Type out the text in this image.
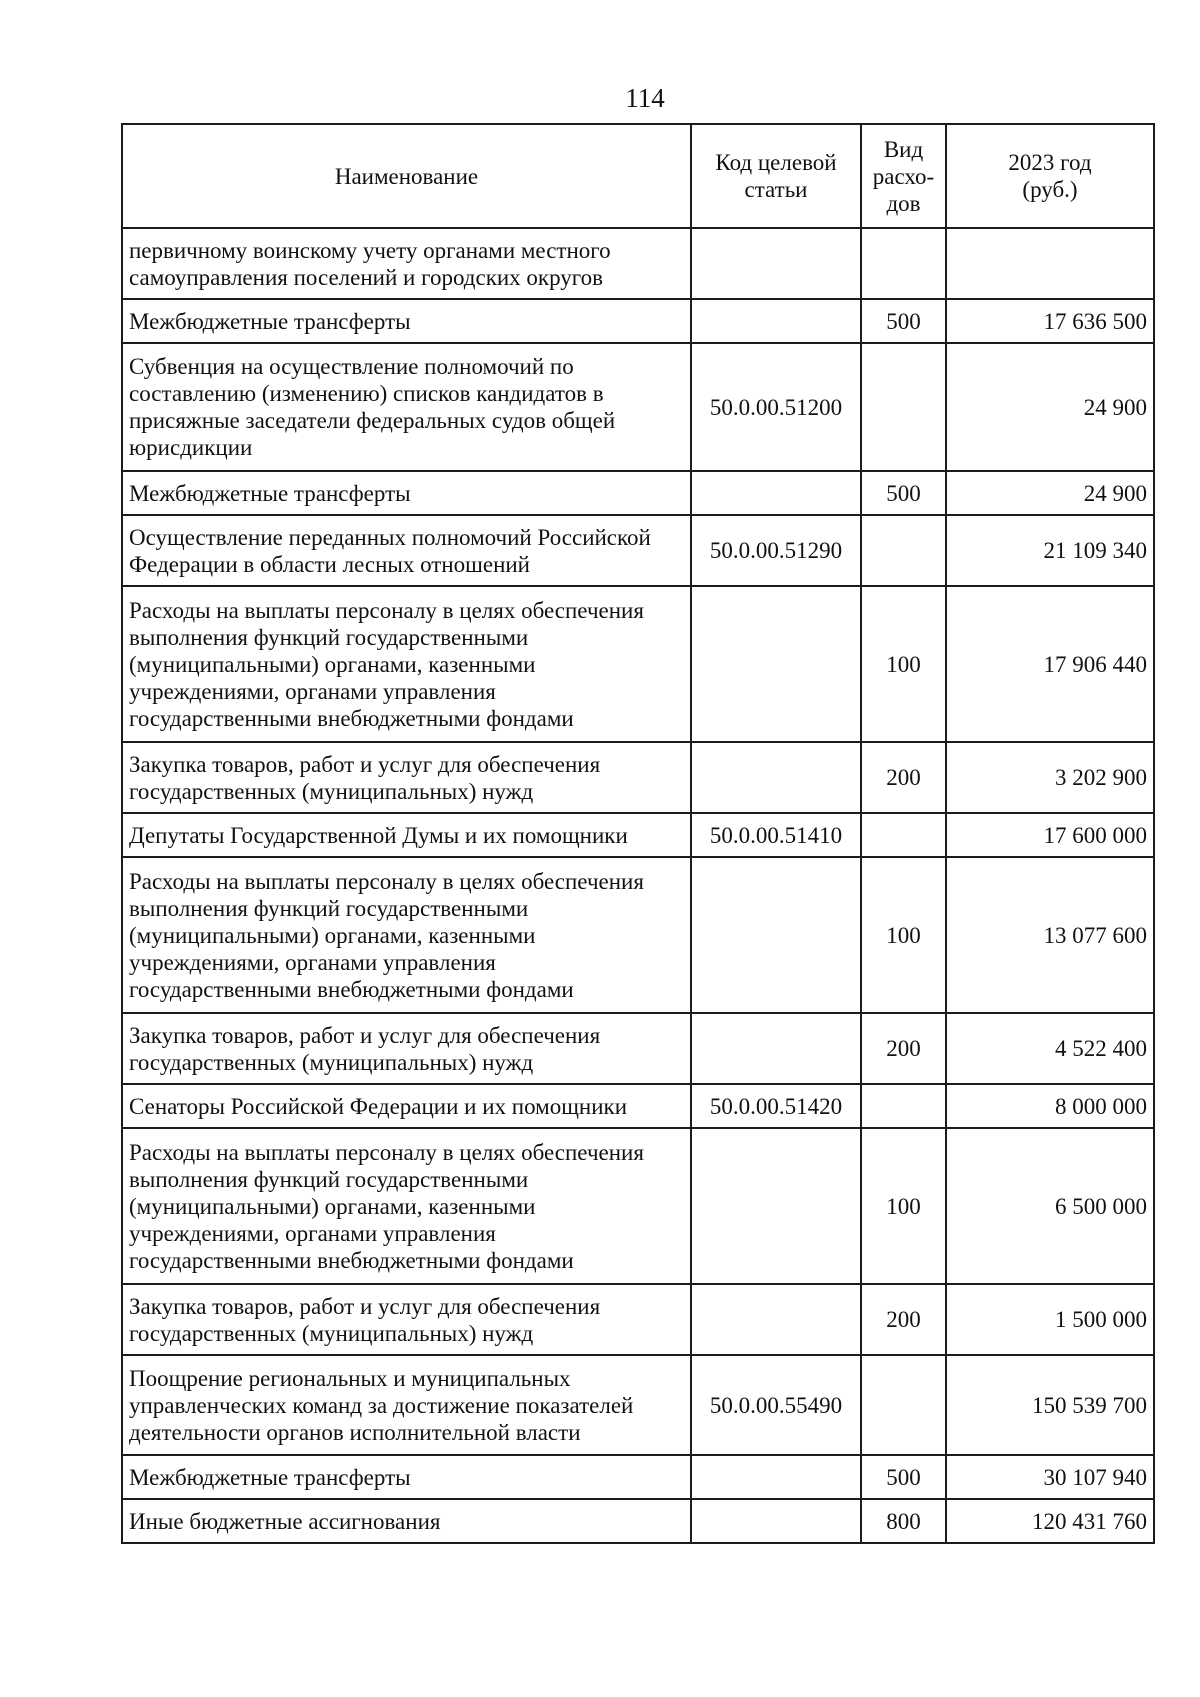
114
Наименование	Код целевой статьи	Вид расхо-дов	2023 год (руб.)
первичному воинскому учету органами местного самоуправления поселений и городских округов			
Межбюджетные трансферты		500	17 636 500
Субвенция на осуществление полномочий по составлению (изменению) списков кандидатов в присяжные заседатели федеральных судов общей юрисдикции	50.0.00.51200		24 900
Межбюджетные трансферты		500	24 900
Осуществление переданных полномочий Российской Федерации в области лесных отношений	50.0.00.51290		21 109 340
Расходы на выплаты персоналу в целях обеспечения выполнения функций государственными (муниципальными) органами, казенными учреждениями, органами управления государственными внебюджетными фондами		100	17 906 440
Закупка товаров, работ и услуг для обеспечения государственных (муниципальных) нужд		200	3 202 900
Депутаты Государственной Думы и их помощники	50.0.00.51410		17 600 000
Расходы на выплаты персоналу в целях обеспечения выполнения функций государственными (муниципальными) органами, казенными учреждениями, органами управления государственными внебюджетными фондами		100	13 077 600
Закупка товаров, работ и услуг для обеспечения государственных (муниципальных) нужд		200	4 522 400
Сенаторы Российской Федерации и их помощники	50.0.00.51420		8 000 000
Расходы на выплаты персоналу в целях обеспечения выполнения функций государственными (муниципальными) органами, казенными учреждениями, органами управления государственными внебюджетными фондами		100	6 500 000
Закупка товаров, работ и услуг для обеспечения государственных (муниципальных) нужд		200	1 500 000
Поощрение региональных и муниципальных управленческих команд за достижение показателей деятельности органов исполнительной власти	50.0.00.55490		150 539 700
Межбюджетные трансферты		500	30 107 940
Иные бюджетные ассигнования		800	120 431 760
